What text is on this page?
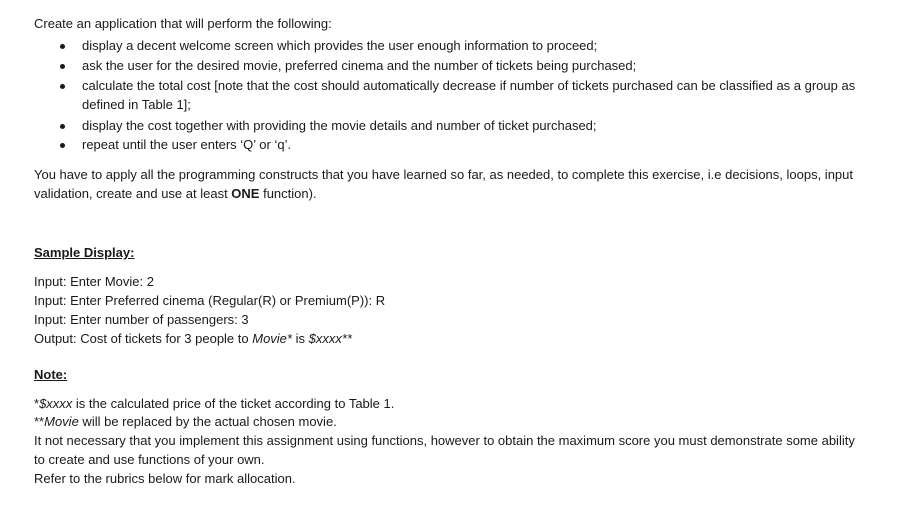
Create an application that will perform the following:
display a decent welcome screen which provides the user enough information to proceed;
ask the user for the desired movie, preferred cinema and the number of tickets being purchased;
calculate the total cost [note that the cost should automatically decrease if number of tickets purchased can be classified as a group as
defined in Table 1];
display the cost together with providing the movie details and number of ticket purchased;
repeat until the user enters ‘Q’ or ‘q’.
You have to apply all the programming constructs that you have learned so far, as needed, to complete this exercise, i.e decisions, loops, input
validation, create and use at least ONE function).
Sample Display:
Input: Enter Movie: 2
Input: Enter Preferred cinema (Regular(R) or Premium(P)): R
Input: Enter number of passengers: 3
Output: Cost of tickets for 3 people to Movie* is $xxxx**
Note:
*$xxxx is the calculated price of the ticket according to Table 1.
**Movie will be replaced by the actual chosen movie.
It not necessary that you implement this assignment using functions, however to obtain the maximum score you must demonstrate some ability
to create and use functions of your own.
Refer to the rubrics below for mark allocation.
